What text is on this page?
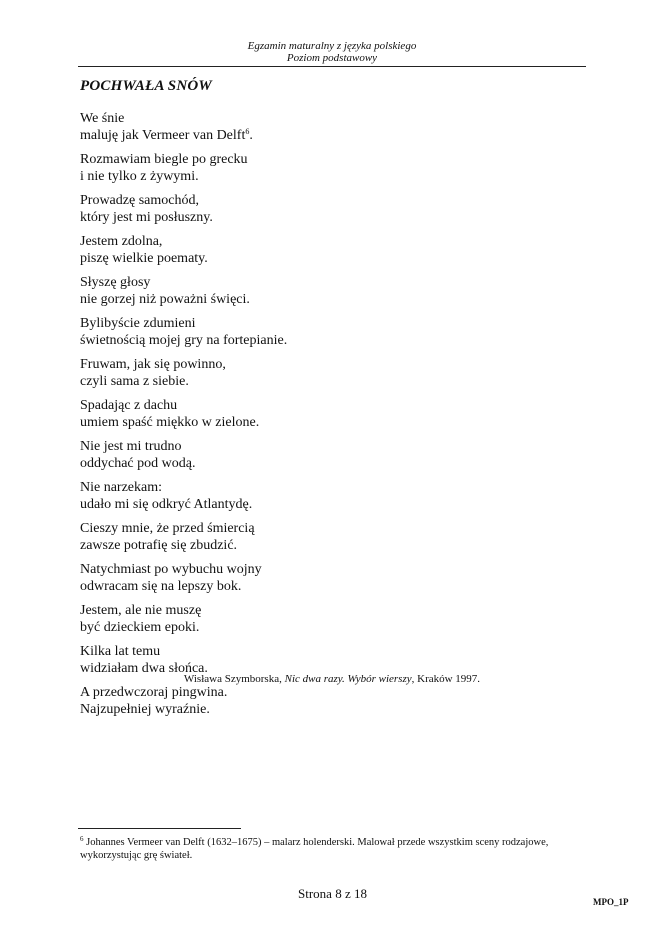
Egzamin maturalny z języka polskiego
Poziom podstawowy
POCHWAŁA SNÓW
We śnie
maluję jak Vermeer van Delft$^6$.
Rozmawiam biegle po grecku
i nie tylko z żywymi.
Prowadzę samochód,
który jest mi posłuszny.
Jestem zdolna,
piszę wielkie poematy.
Słyszę głosy
nie gorzej niż poważni święci.
Bylibyście zdumieni
świetnością mojej gry na fortepianie.
Fruwam, jak się powinno,
czyli sama z siebie.
Spadając z dachu
umiem spaść miękko w zielone.
Nie jest mi trudno
oddychać pod wodą.
Nie narzekam:
udało mi się odkryć Atlantydę.
Cieszy mnie, że przed śmiercią
zawsze potrafię się zbudzić.
Natychmiast po wybuchu wojny
odwracam się na lepszy bok.
Jestem, ale nie muszę
być dzieckiem epoki.
Kilka lat temu
widziałam dwa słońca.
A przedwczoraj pingwina.
Najzupełniej wyraźnie.
Wisława Szymborska, Nic dwa razy. Wybór wierszy, Kraków 1997.
$^6$ Johannes Vermeer van Delft (1632–1675) – malarz holenderski. Malował przede wszystkim sceny rodzajowe, wykorzystując grę świateł.
Strona 8 z 18
MPO_1P
